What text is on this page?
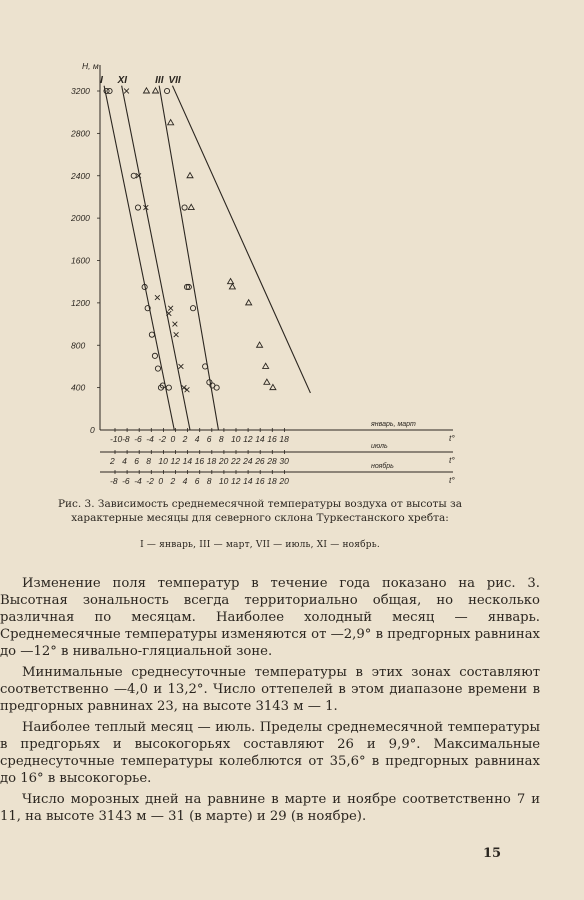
H, м
400
800
1200
1600
2000
2400
2800
3200
0
-10 -8 -6 -4 -2 0 2 4 6 8 10 12 14 16 18
январь, март
t°
2 4 6 8 10 12 14 16 18 20 22 24 26 28 30
июль
t°
-8 -6 -4 -2 0 2 4 6 8 10 12 14 16 18 20
ноябрь
t°
I XI	III VII
Рис. 3. Зависимость среднемесячной температуры воздуха от высоты за характерные месяцы для северного склона Туркестанского хребта:
I — январь, III — март, VII — июль, XI — ноябрь.

Изменение поля температур в течение года показано на рис. 3. Высотная зональность всегда территориально общая, но несколько различная по месяцам. Наиболее холодный месяц — январь. Среднемесячные температуры изменяются от —2,9° в предгорных равнинах до —12° в нивально-гляциальной зоне.

Минимальные среднесуточные температуры в этих зонах составляют соответственно —4,0 и 13,2°. Число оттепелей в этом диапазоне времени в предгорных равнинах 23, на высоте 3143 м — 1.

Наиболее теплый месяц — июль. Пределы среднемесячной температуры в предгорьях и высокогорьях составляют 26 и 9,9°. Максимальные среднесуточные температуры колеблются от 35,6° в предгорных равнинах до 16° в высокогорье.

Число морозных дней на равнине в марте и ноябре соответственно 7 и 11, на высоте 3143 м — 31 (в марте) и 29 (в ноябре).

15
